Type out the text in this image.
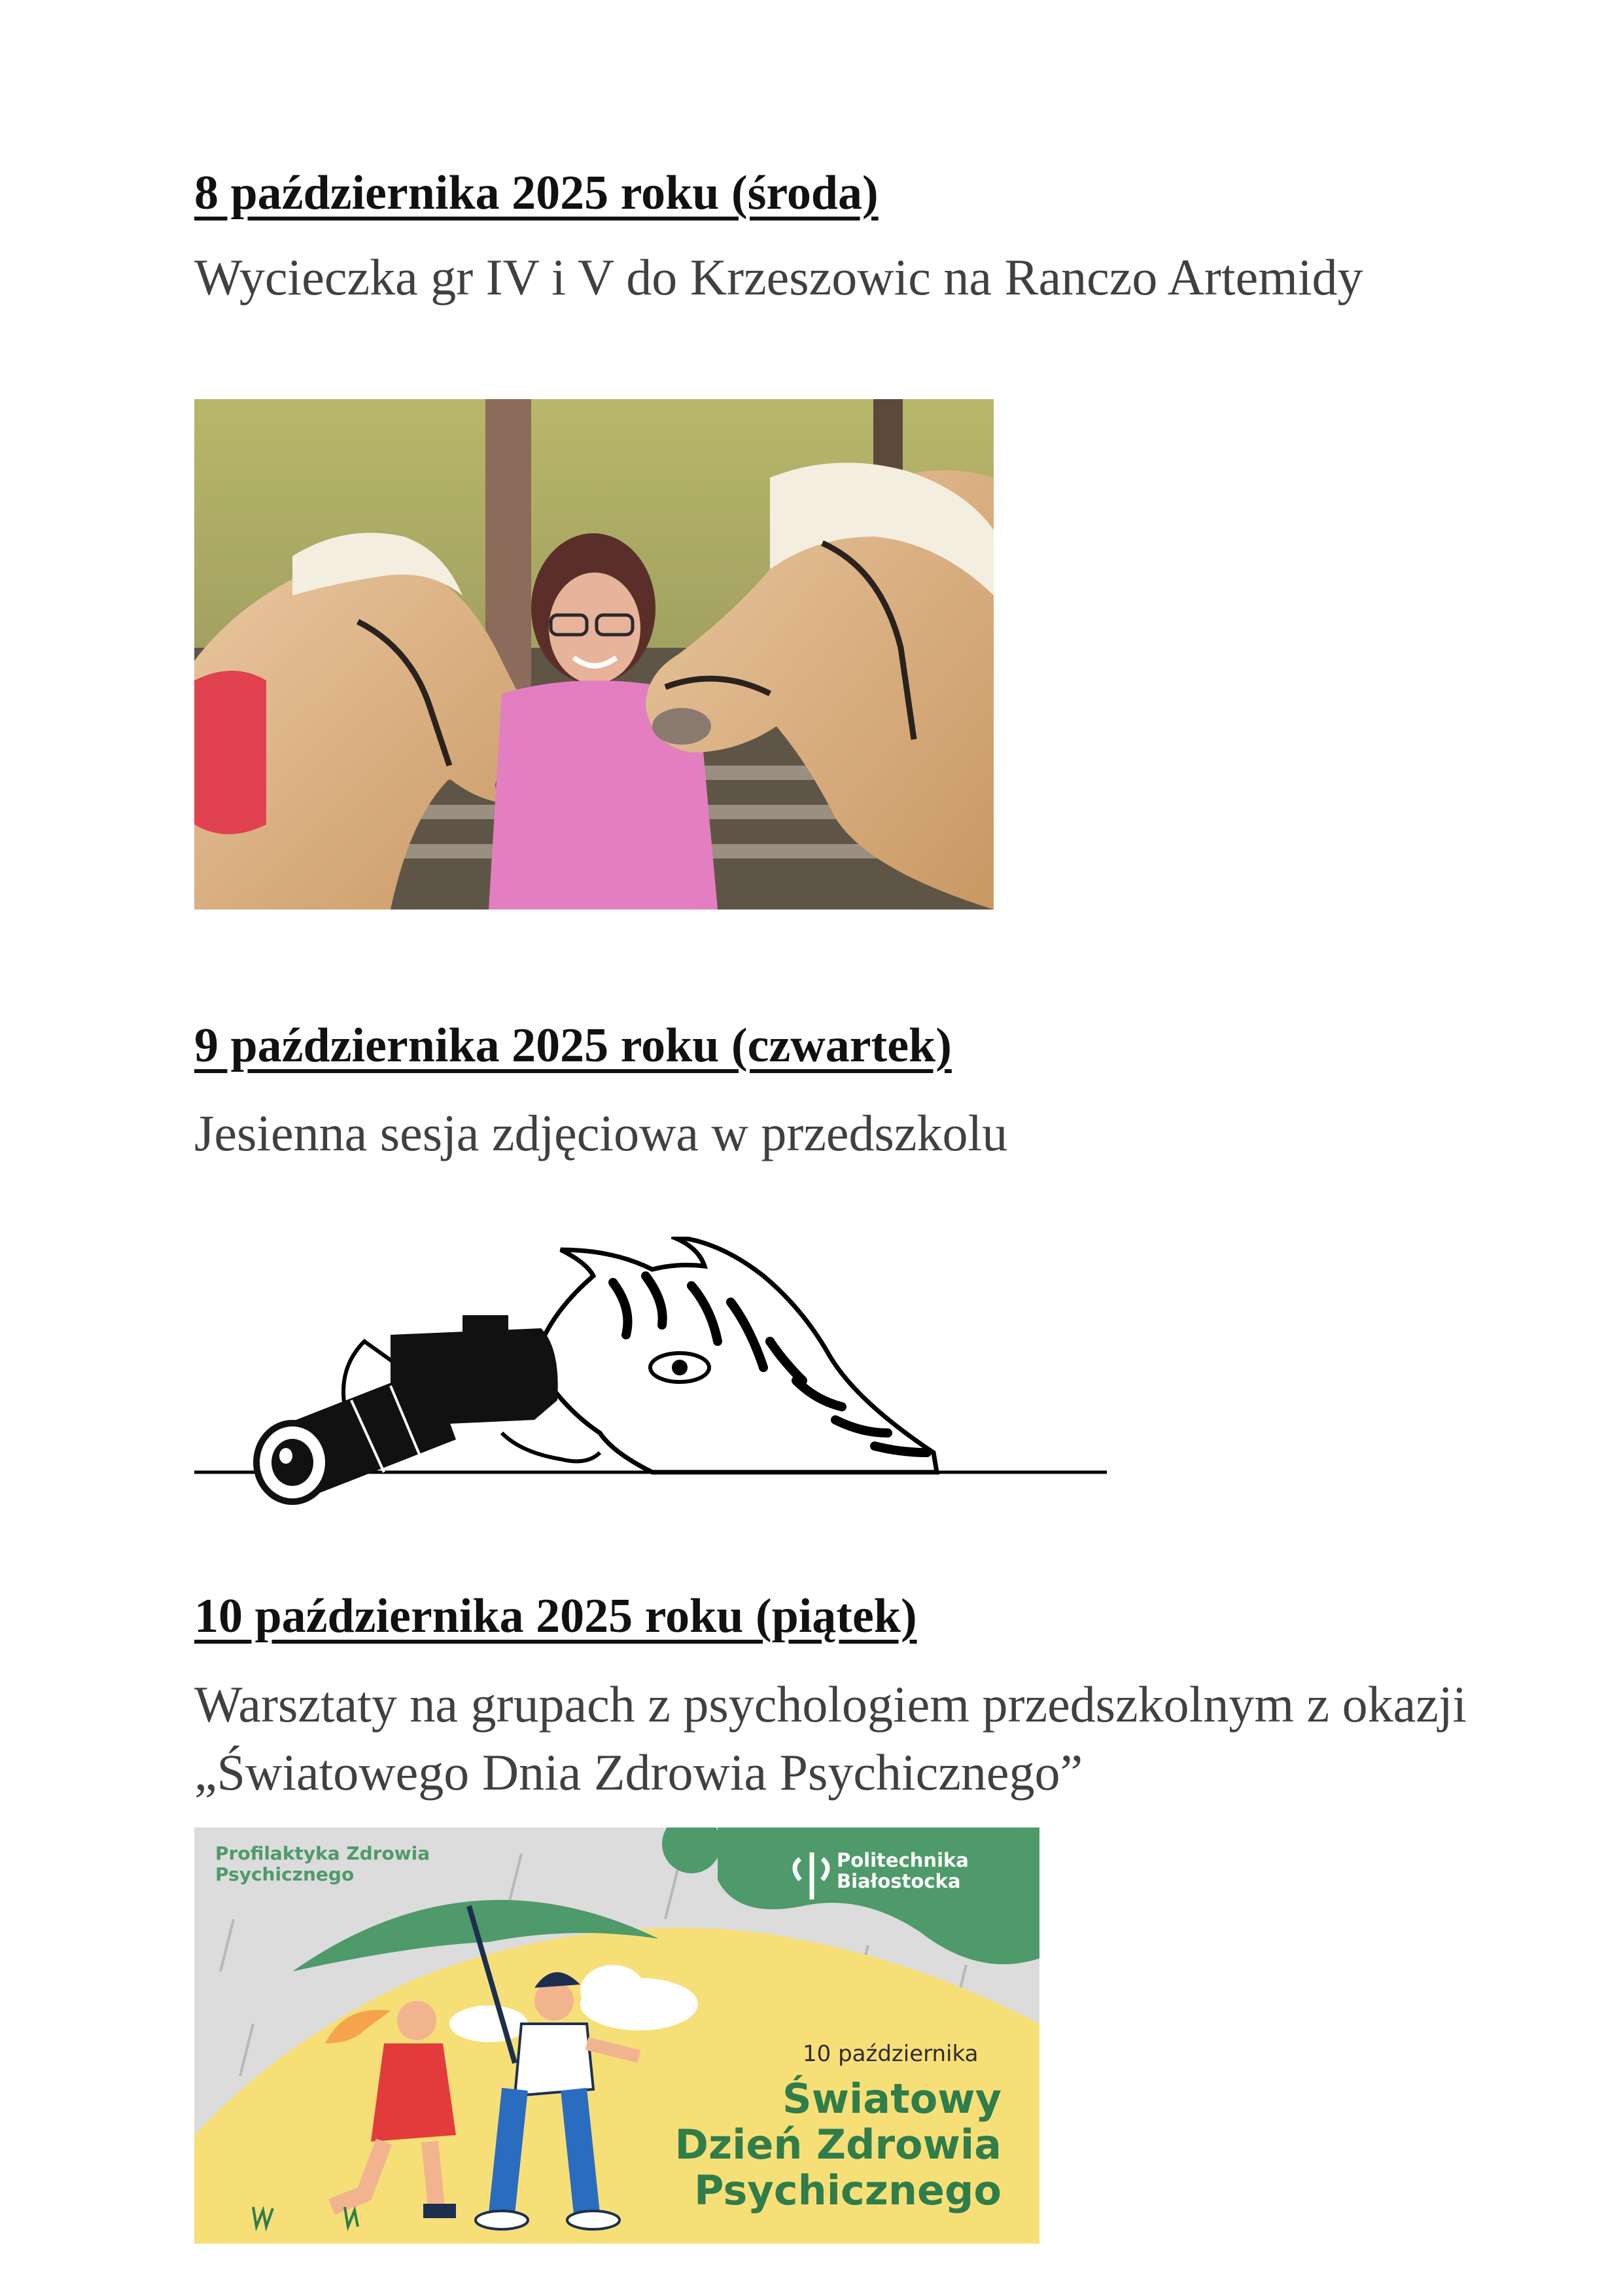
8 października 2025 roku (środa)

Wycieczka gr IV i V do Krzeszowic na Ranczo Artemidy

9 października 2025 roku (czwartek)

Jesienna sesja zdjęciowa w przedszkolu

10 października 2025 roku (piątek)

Warsztaty na grupach z psychologiem przedszkolnym z okazji „Światowego Dnia Zdrowia Psychicznego”

Profilaktyka Zdrowia
Psychicznego
Politechnika
Białostocka
10 października
Światowy
Dzień Zdrowia
Psychicznego
